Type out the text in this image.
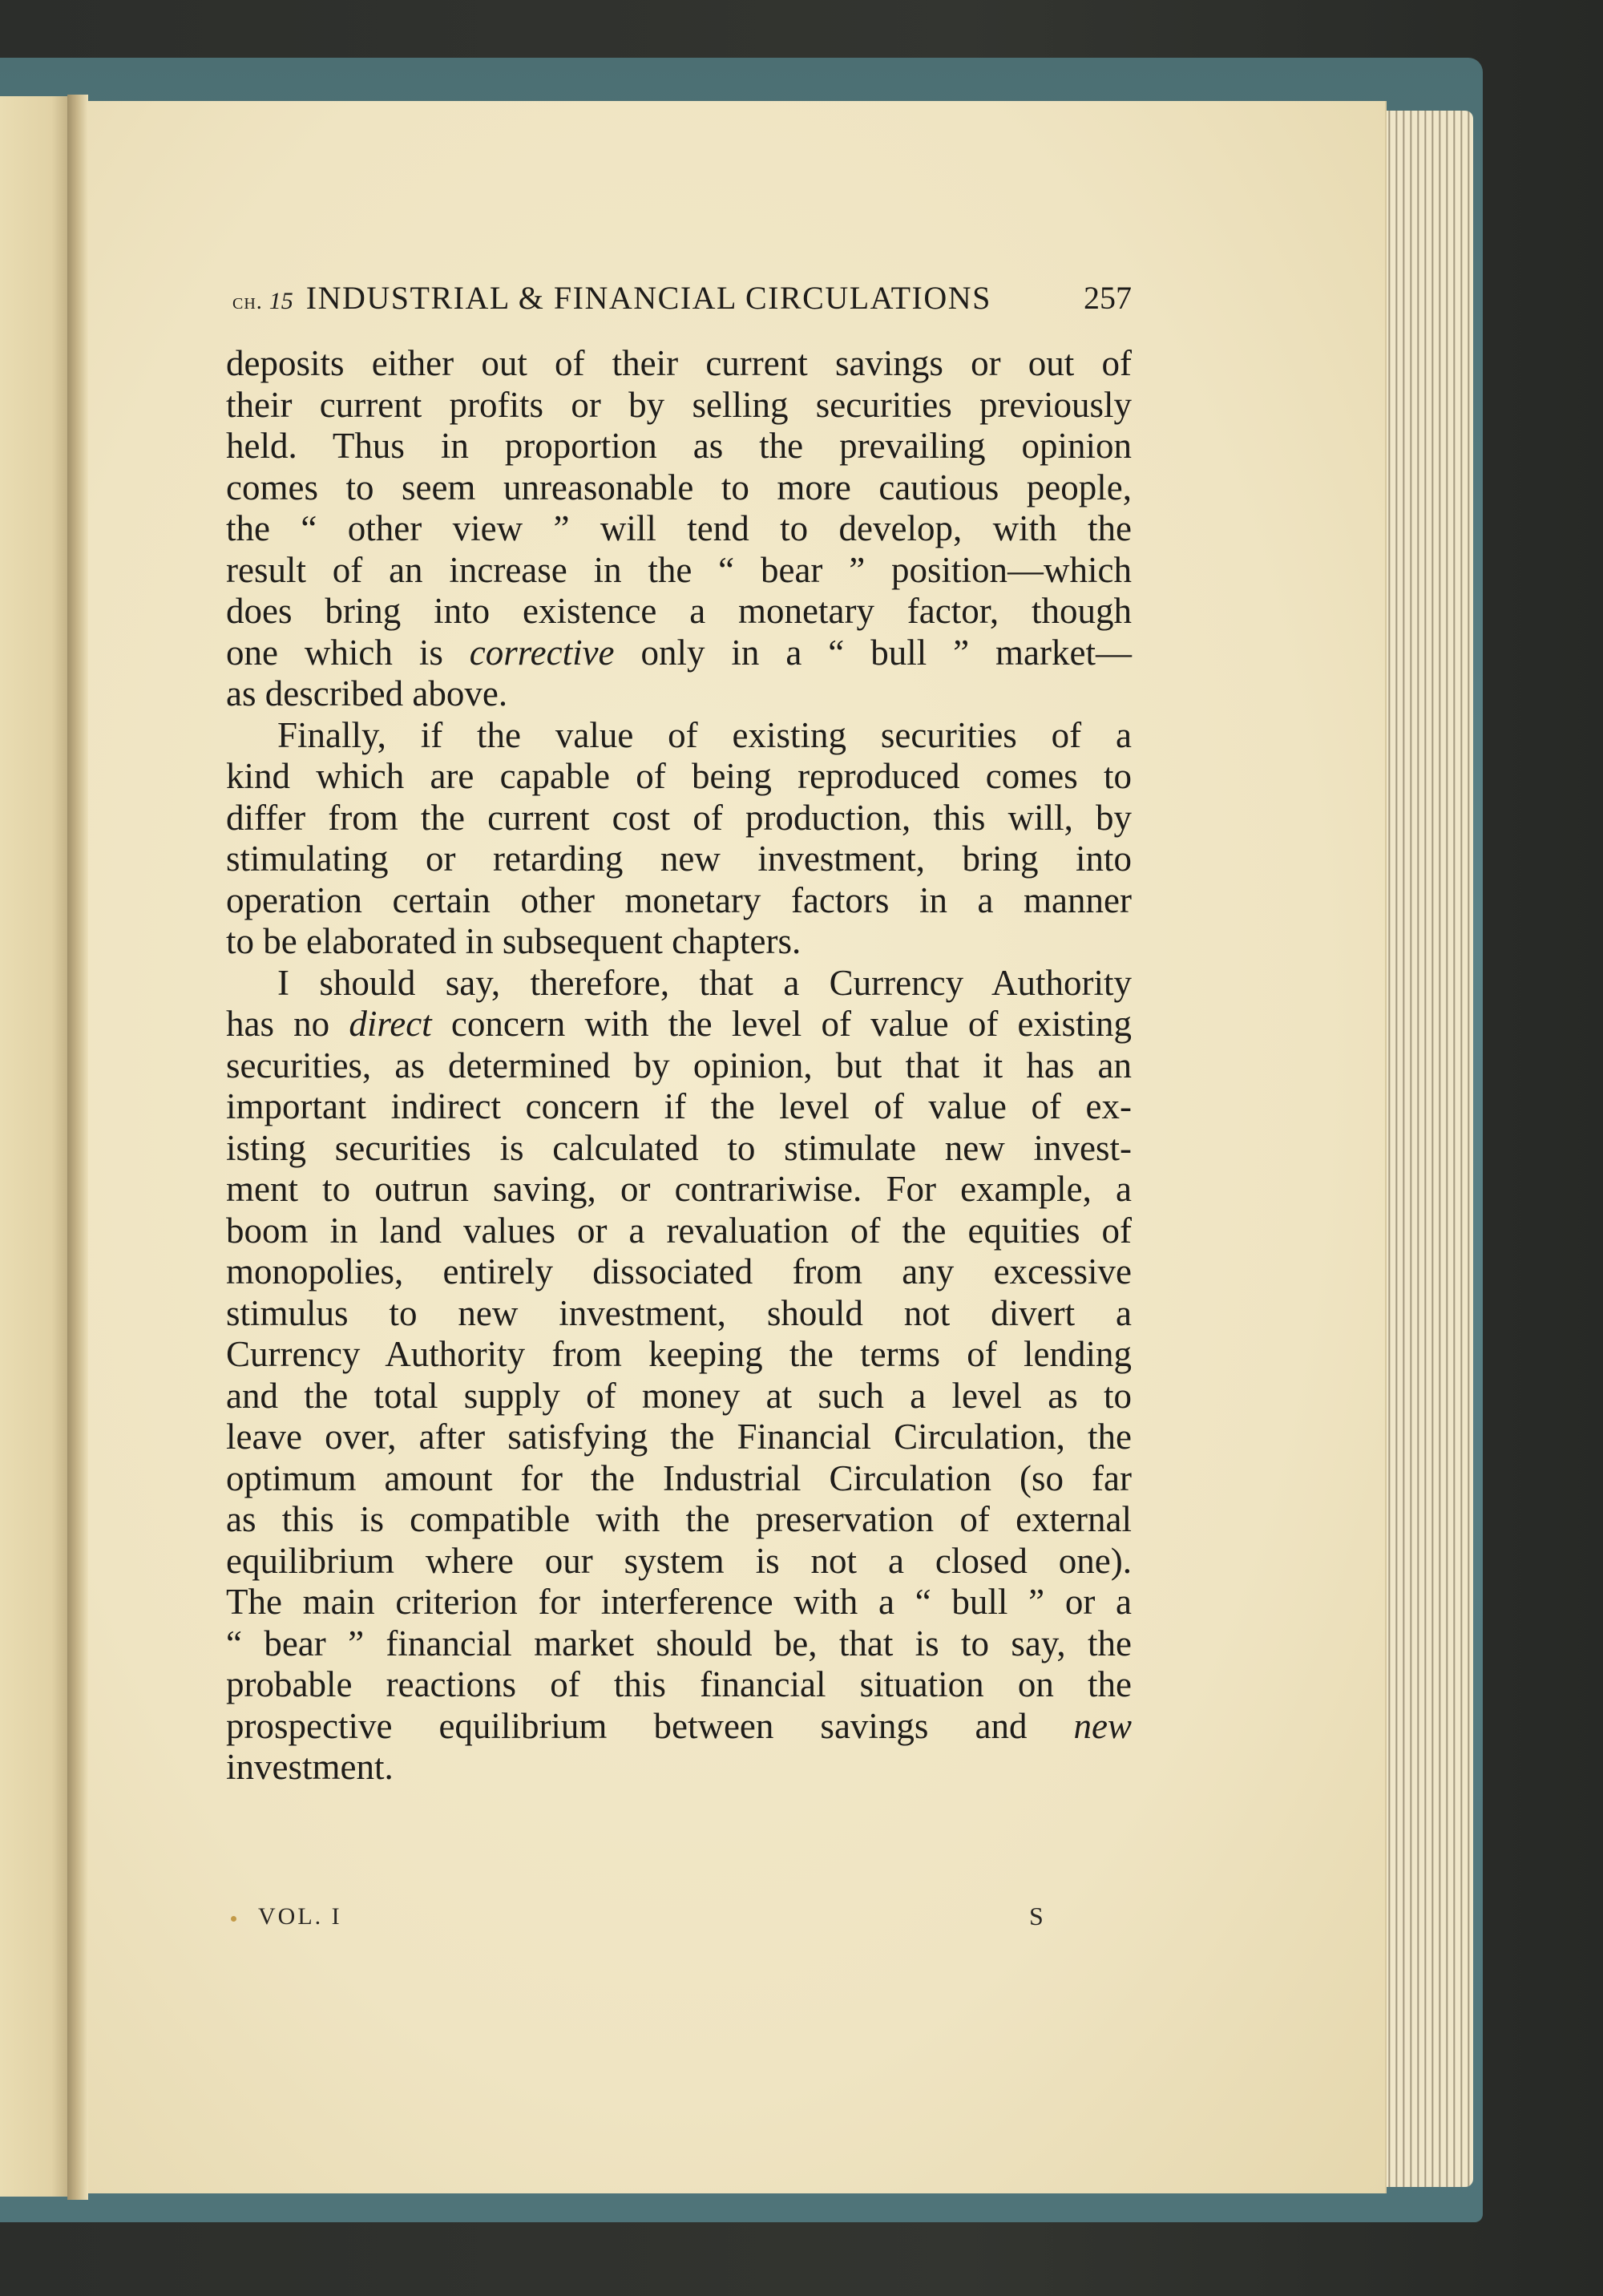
ch. 15 INDUSTRIAL & FINANCIAL CIRCULATIONS	257
deposits either out of their current savings or out of
their current profits or by selling securities previously
held. Thus in proportion as the prevailing opinion
comes to seem unreasonable to more cautious people,
the “ other view ” will tend to develop, with the
result of an increase in the “ bear ” position—which
does bring into existence a monetary factor, though
one which is corrective only in a “ bull ” market—
as described above.
Finally, if the value of existing securities of a
kind which are capable of being reproduced comes to
differ from the current cost of production, this will, by
stimulating or retarding new investment, bring into
operation certain other monetary factors in a manner
to be elaborated in subsequent chapters.
I should say, therefore, that a Currency Authority
has no direct concern with the level of value of existing
securities, as determined by opinion, but that it has an
important indirect concern if the level of value of ex-
isting securities is calculated to stimulate new invest-
ment to outrun saving, or contrariwise. For example, a
boom in land values or a revaluation of the equities of
monopolies, entirely dissociated from any excessive
stimulus to new investment, should not divert a
Currency Authority from keeping the terms of lending
and the total supply of money at such a level as to
leave over, after satisfying the Financial Circulation, the
optimum amount for the Industrial Circulation (so far
as this is compatible with the preservation of external
equilibrium where our system is not a closed one).
The main criterion for interference with a “ bull ” or a
“ bear ” financial market should be, that is to say, the
probable reactions of this financial situation on the
prospective equilibrium between savings and new
investment.
VOL. I	S
